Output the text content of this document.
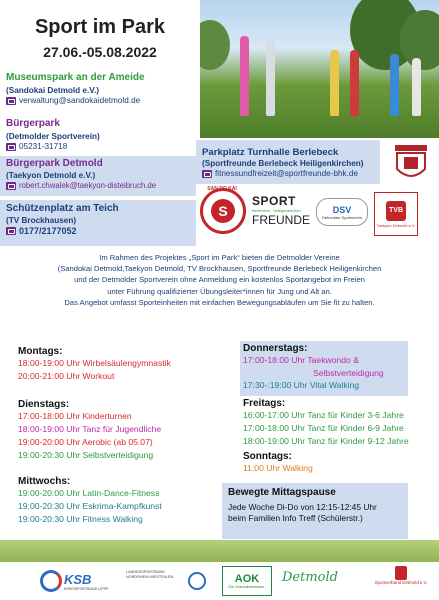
Sport im Park
27.06.-05.08.2022
Museumspark an der Ameide
(Sandokai Detmold e.V.)
verwaltung@sandokaidetmold.de
Bürgerpark
(Detmolder Sportverein)
05231-31718
Bürgerpark Detmold
(Taekyon Detmold e.V.)
robert.chwalek@taekyon-disteibruch.de
Schützenplatz am Teich
(TV Brockhausen)
0177/2177052
Parkplatz Turnhalle Berlebeck
(Sportfreunde Berlebeck Heiligenkirchen)
fitnessundfreizeit@sportfreunde-bhk.de
S
SAN DO KAI
SPORT
Berlebeck · Heiligenkirchen
FREUNDE
DSV
Detmolder Sportverein
TVB
Taekyon Detmold e.V.
Im Rahmen des Projektes „Sport im Park“ bieten die Detmolder Vereine
(Sandokai Detmold,Taekyon Detmold, TV Brockhausen, Sportfreunde Berlebeck Heiligenkirchen
und der Detmolder Sportverein ohne Anmeldung ein kostenlos Sportangebot im Freien
unter Führung qualifizierter Übungsleiter*innen für Jung und Alt an.
Das Angebot umfasst Sporteinheiten mit einfachen Bewegungsabläufen um Sie fit zu halten.
Montags:
18:00-19:00 Uhr Wirbelsäulengymnastik
20:00-21:00 Uhr Workout
Dienstags:
17:00-18:00 Uhr Kinderturnen
18:00-19:00 Uhr Tanz für Jugendliche
19:00-20:00 Uhr Aerobic (ab 05.07)
19:00-20:30 Uhr Selbstverteidigung
Mittwochs:
19:00-20:00 Uhr Latin-Dance-Fitness
19:00-20:30 Uhr Eskrima-Kampfkunst
19:00-20:30 Uhr Fitness Walking
Donnerstags:
17:00-18:00 Uhr Taekwondo &
Selbstverteidigung
17:30-:19:00 Uhr Vital Walking
Freitags:
16:00-17:00 Uhr Tanz für Kinder 3-6 Jahre
17:00-18:00 Uhr Tanz für Kinder 6-9 Jahre
18:00-19:00 Uhr Tanz für Kinder 9-12 Jahre
Sonntags:
11:00 Uhr Walking
Bewegte Mittagspause
Jede Woche Di-Do von 12:15-12:45 Uhr
beim Familien Info Treff (Schülerstr.)
KSB
KREISSPORTBUND LIPPE
LANDESSPORTBUND NORDRHEIN-WESTFALEN	AOK
Die Gesundheitskasse.
Detmold	Sportverband Detmold e.V.
